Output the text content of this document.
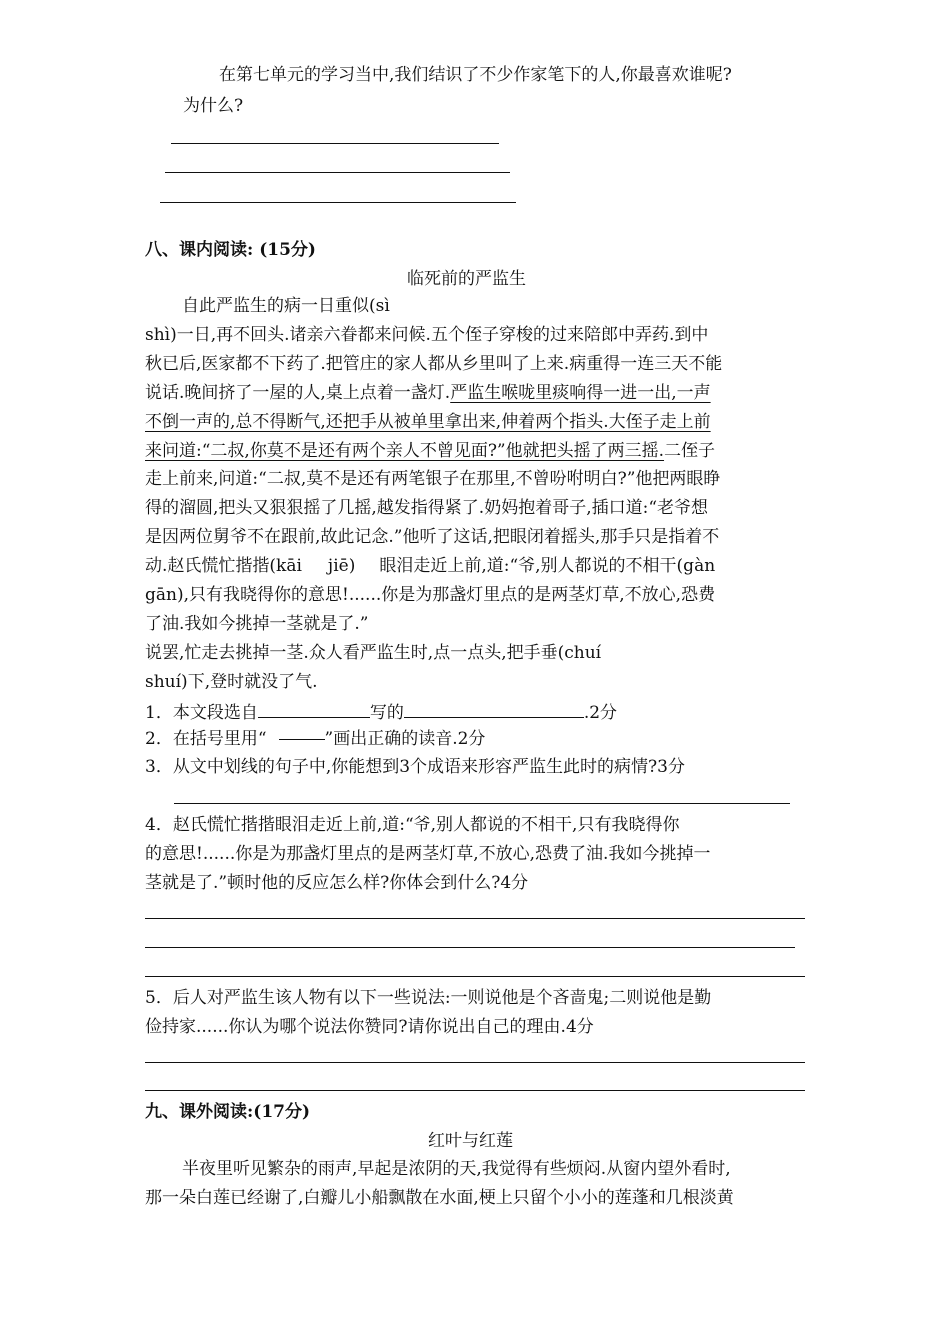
在第七单元的学习当中,我们结识了不少作家笔下的人,你最喜欢谁呢?
为什么?
八、课内阅读: (15分)
临死前的严监生
自此严监生的病一日重似(sì
shì)一日,再不回头.诸亲六眷都来问候.五个侄子穿梭的过来陪郎中弄药.到中
秋已后,医家都不下药了.把管庄的家人都从乡里叫了上来.病重得一连三天不能
说话.晚间挤了一屋的人,桌上点着一盏灯.严监生喉咙里痰响得一进一出,一声
不倒一声的,总不得断气,还把手从被单里拿出来,伸着两个指头.大侄子走上前
来问道:“二叔,你莫不是还有两个亲人不曾见面?”他就把头摇了两三摇.二侄子
走上前来,问道:“二叔,莫不是还有两笔银子在那里,不曾吩咐明白?”他把两眼睁
得的溜圆,把头又狠狠摇了几摇,越发指得紧了.奶妈抱着哥子,插口道:“老爷想
是因两位舅爷不在跟前,故此记念.”他听了这话,把眼闭着摇头,那手只是指着不
动.赵氏慌忙揩揩(kāi jiē) 眼泪走近上前,道:“爷,别人都说的不相干(gàn
gān),只有我晓得你的意思!......你是为那盏灯里点的是两茎灯草,不放心,恐费
了油.我如今挑掉一茎就是了.”
说罢,忙走去挑掉一茎.众人看严监生时,点一点头,把手垂(chuí
shuí)下,登时就没了气.
1．本文段选自	写的	.2分
2．在括号里用“	”画出正确的读音.2分
3．从文中划线的句子中,你能想到3个成语来形容严监生此时的病情?3分
4．赵氏慌忙揩揩眼泪走近上前,道:“爷,别人都说的不相干,只有我晓得你
的意思!......你是为那盏灯里点的是两茎灯草,不放心,恐费了油.我如今挑掉一
茎就是了.”顿时他的反应怎么样?你体会到什么?4分
5．后人对严监生该人物有以下一些说法:一则说他是个吝啬鬼;二则说他是勤
俭持家......你认为哪个说法你赞同?请你说出自己的理由.4分
九、课外阅读:(17分)
红叶与红莲
半夜里听见繁杂的雨声,早起是浓阴的天,我觉得有些烦闷.从窗内望外看时,
那一朵白莲已经谢了,白瓣儿小船飘散在水面,梗上只留个小小的莲蓬和几根淡黄
